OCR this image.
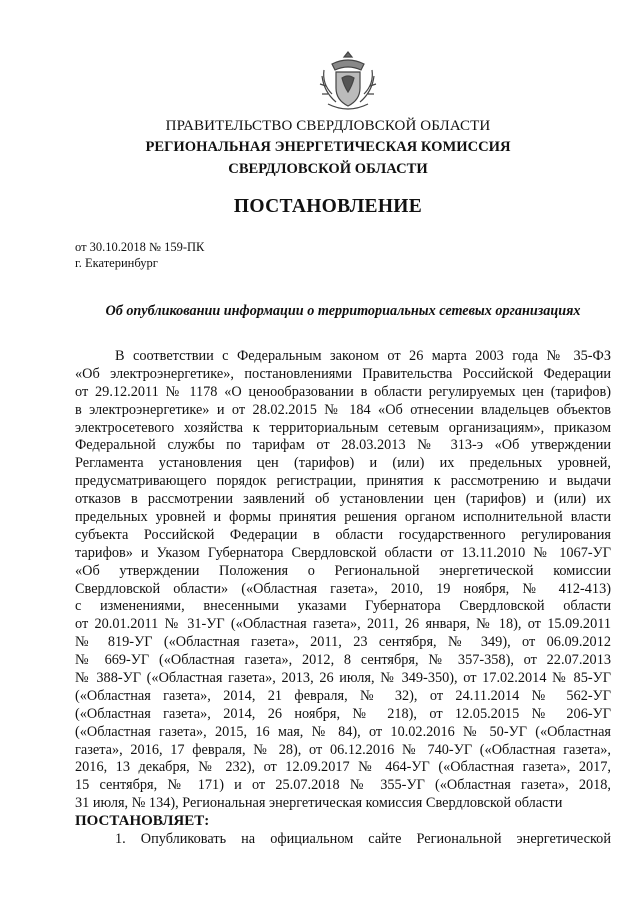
ПРАВИТЕЛЬСТВО СВЕРДЛОВСКОЙ ОБЛАСТИ
РЕГИОНАЛЬНАЯ ЭНЕРГЕТИЧЕСКАЯ КОМИССИЯ
СВЕРДЛОВСКОЙ ОБЛАСТИ
ПОСТАНОВЛЕНИЕ
от 30.10.2018 № 159-ПК
г. Екатеринбург
Об опубликовании информации о территориальных сетевых организациях
В соответствии с Федеральным законом от 26 марта 2003 года № 35-ФЗ
«Об электроэнергетике», постановлениями Правительства Российской Федерации
от 29.12.2011 № 1178 «О ценообразовании в области регулируемых цен (тарифов)
в электроэнергетике» и от 28.02.2015 № 184 «Об отнесении владельцев объектов
электросетевого хозяйства к территориальным сетевым организациям», приказом
Федеральной службы по тарифам от 28.03.2013 № 313-э «Об утверждении
Регламента установления цен (тарифов) и (или) их предельных уровней,
предусматривающего порядок регистрации, принятия к рассмотрению и выдачи
отказов в рассмотрении заявлений об установлении цен (тарифов) и (или) их
предельных уровней и формы принятия решения органом исполнительной власти
субъекта Российской Федерации в области государственного регулирования
тарифов» и Указом Губернатора Свердловской области от 13.11.2010 № 1067-УГ
«Об утверждении Положения о Региональной энергетической комиссии
Свердловской области» («Областная газета», 2010, 19 ноября, № 412-413)
с изменениями, внесенными указами Губернатора Свердловской области
от 20.01.2011 № 31-УГ («Областная газета», 2011, 26 января, № 18), от 15.09.2011
№ 819-УГ («Областная газета», 2011, 23 сентября, № 349), от 06.09.2012
№ 669-УГ («Областная газета», 2012, 8 сентября, № 357-358), от 22.07.2013
№ 388-УГ («Областная газета», 2013, 26 июля, № 349-350), от 17.02.2014 № 85-УГ
(«Областная газета», 2014, 21 февраля, № 32), от 24.11.2014 № 562-УГ
(«Областная газета», 2014, 26 ноября, № 218), от 12.05.2015 № 206-УГ
(«Областная газета», 2015, 16 мая, № 84), от 10.02.2016 № 50-УГ («Областная
газета», 2016, 17 февраля, № 28), от 06.12.2016 № 740-УГ («Областная газета»,
2016, 13 декабря, № 232), от 12.09.2017 № 464-УГ («Областная газета», 2017,
15 сентября, № 171) и от 25.07.2018 № 355-УГ («Областная газета», 2018,
31 июля, № 134), Региональная энергетическая комиссия Свердловской области
ПОСТАНОВЛЯЕТ:
1. Опубликовать на официальном сайте Региональной энергетической
